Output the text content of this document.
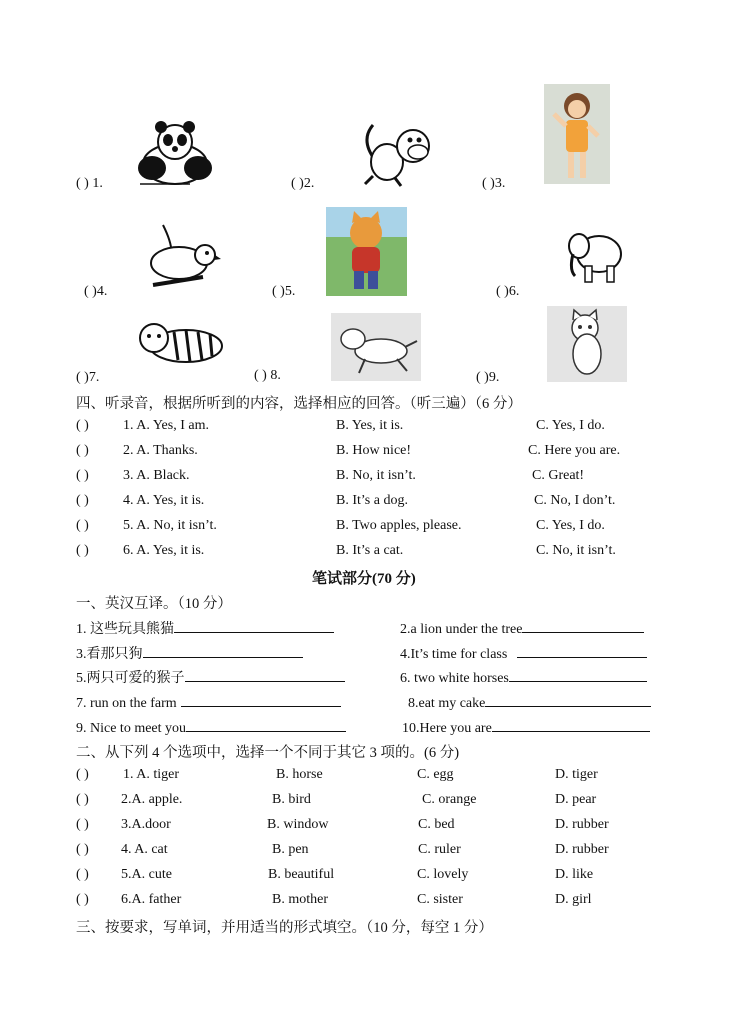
( ) 1.	( )2.	( )3.
( )4.	( )5.	( )6.
( )7.	( ) 8.	( )9.
四、听录音，根据所听到的内容，选择相应的回答。（听三遍）（6 分）
( ) 1. A. Yes, I am.	B. Yes, it is.	C. Yes, I do.
( ) 2. A. Thanks.	B. How nice!	C. Here you are.
( ) 3. A. Black.	B. No, it isn’t.	C. Great!
( ) 4. A. Yes, it is.	B. It’s a dog.	C. No, I don’t.
( ) 5. A. No, it isn’t.	B. Two apples, please.	C. Yes, I do.
( ) 6. A. Yes, it is.	B. It’s a cat.	C. No, it isn’t.
笔试部分(70 分)
一、英汉互译。（10 分）
1. 这些玩具熊猫	2.a lion under the tree
3.看那只狗	4.It’s time for class
5.两只可爱的猴子	6. two white horses
7. run on the farm	8.eat my cake
9. Nice to meet you	10.Here you are
二、从下列 4 个选项中，选择一个不同于其它 3 项的。(6 分)
( ) 1. A. tiger	B. horse	C. egg	D. tiger
( ) 2.A. apple.	B. bird	C. orange	D. pear
( ) 3.A.door	B. window	C. bed	D. rubber
( ) 4. A. cat	B. pen	C. ruler	D. rubber
( ) 5.A. cute	B. beautiful	C. lovely	D. like
( ) 6.A. father	B. mother	C. sister	D. girl
三、按要求，写单词，并用适当的形式填空。（10 分，每空 1 分）
